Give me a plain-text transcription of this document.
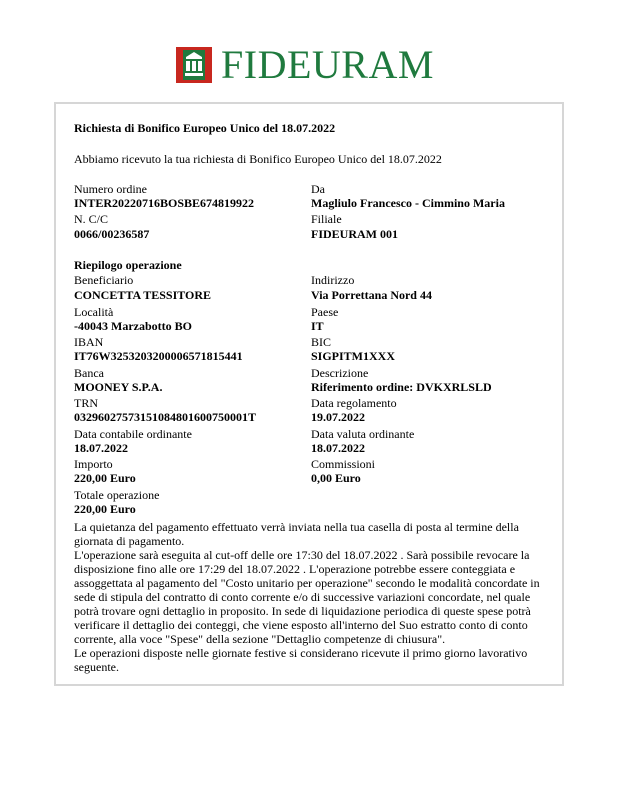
FIDEURAM
Richiesta di Bonifico Europeo Unico del 18.07.2022
Abbiamo ricevuto la tua richiesta di Bonifico Europeo Unico del 18.07.2022
Numero ordine
INTER20220716BOSBE674819922
Da
Magliulo Francesco - Cimmino Maria
N. C/C
0066/00236587
Filiale
FIDEURAM 001
Riepilogo operazione
Beneficiario
CONCETTA TESSITORE
Indirizzo
Via Porrettana Nord 44
Località
-40043 Marzabotto BO
Paese
IT
IBAN
IT76W3253203200006571815441
BIC
SIGPITM1XXX
Banca
MOONEY S.P.A.
Descrizione
Riferimento ordine: DVKXRLSLD
TRN
03296027573151084801600750001T
Data regolamento
19.07.2022
Data contabile ordinante
18.07.2022
Data valuta ordinante
18.07.2022
Importo
220,00 Euro
Commissioni
0,00 Euro
Totale operazione
220,00 Euro
La quietanza del pagamento effettuato verrà inviata nella tua casella di posta al termine della giornata di pagamento.
L'operazione sarà eseguita al cut-off delle ore 17:30 del 18.07.2022 . Sarà possibile revocare la disposizione fino alle ore 17:29 del 18.07.2022 . L'operazione potrebbe essere conteggiata e assoggettata al pagamento del "Costo unitario per operazione" secondo le modalità concordate in sede di stipula del contratto di conto corrente e/o di successive variazioni concordate, nel quale potrà trovare ogni dettaglio in proposito. In sede di liquidazione periodica di queste spese potrà verificare il dettaglio dei conteggi, che viene esposto all'interno del Suo estratto conto di conto corrente, alla voce "Spese" della sezione "Dettaglio competenze di chiusura".
Le operazioni disposte nelle giornate festive si considerano ricevute il primo giorno lavorativo seguente.
